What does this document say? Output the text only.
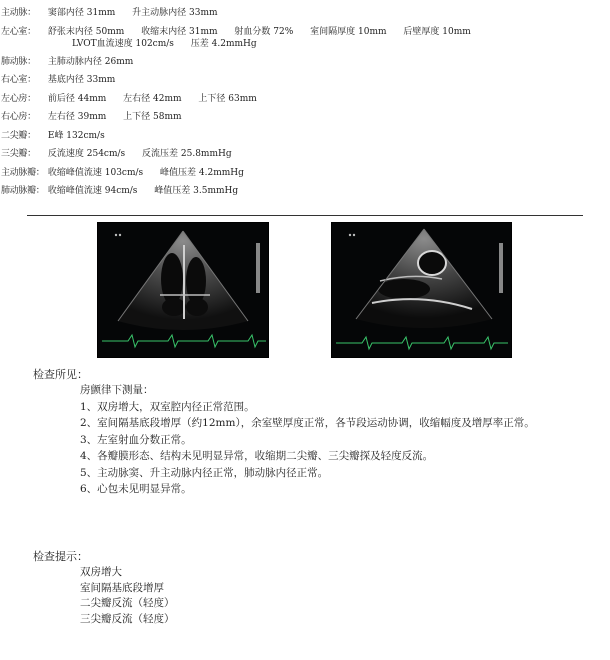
主动脉： 窦部内径 31mm 升主动脉内径 33mm
左心室： 舒张末内径 50mm 收缩末内径 31mm 射血分数 72% 室间隔厚度 10mm 后壁厚度 10mm
LVOT血流速度 102cm/s 压差 4.2mmHg
肺动脉： 主肺动脉内径 26mm
右心室： 基底内径 33mm
左心房： 前后径 44mm 左右径 42mm 上下径 63mm
右心房： 左右径 39mm 上下径 58mm
二尖瓣： E峰 132cm/s
三尖瓣： 反流速度 254cm/s 反流压差 25.8mmHg
主动脉瓣： 收缩峰值流速 103cm/s 峰值压差 4.2mmHg
肺动脉瓣： 收缩峰值流速 94cm/s 峰值压差 3.5mmHg
检查所见：
房颤律下测量：
1、双房增大，双室腔内径正常范围。
2、室间隔基底段增厚（约12mm），余室壁厚度正常，各节段运动协调，收缩幅度及增厚率正常。
3、左室射血分数正常。
4、各瓣膜形态、结构未见明显异常，收缩期二尖瓣、三尖瓣探及轻度反流。
5、主动脉窦、升主动脉内径正常，肺动脉内径正常。
6、心包未见明显异常。
检查提示：
双房增大
室间隔基底段增厚
二尖瓣反流（轻度）
三尖瓣反流（轻度）
